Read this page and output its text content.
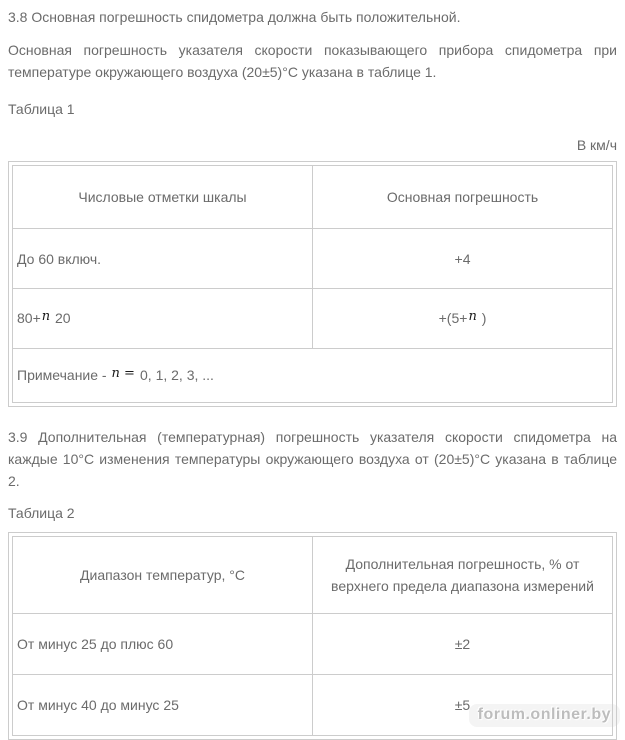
3.8 Основная погрешность спидометра должна быть положительной.

Основная погрешность указателя скорости показывающего прибора спидометра при температуре окружающего воздуха (20±5)°С указана в таблице 1.

Таблица 1

В км/ч

Числовые отметки шкалы	Основная погрешность
До 60 включ.	+4
80+n 20	+(5+n )
Примечание - n = 0, 1, 2, 3, ...	

3.9 Дополнительная (температурная) погрешность указателя скорости спидометра на каждые 10°С изменения температуры окружающего воздуха от (20±5)°С указана в таблице 2.

Таблица 2

Диапазон температур, °С	Дополнительная погрешность, % от верхнего предела диапазона измерений
От минус 25 до плюс 60	±2
От минус 40 до минус 25	±5
forum.onliner.by
